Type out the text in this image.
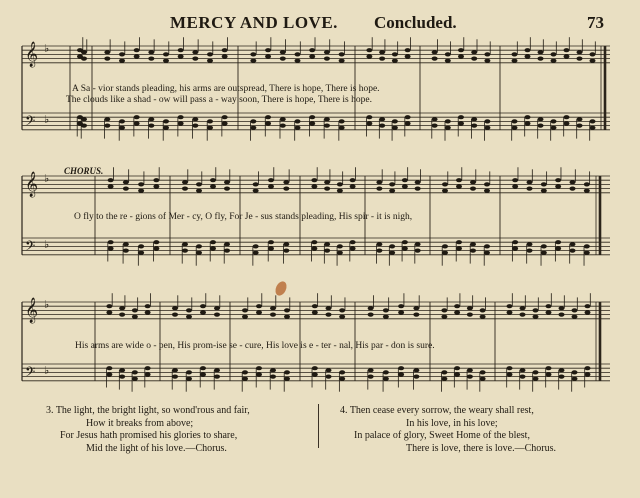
MERCY AND LOVE. Concluded.	73
𝄞 ♭
𝄢 ♭
𝄞 ♭
𝄢 ♭
𝄞 ♭
𝄢 ♭
A Sa - vior stands pleading, his arms are outspread, There is hope, There is hope.
The clouds like a shad - ow will pass a - way soon, There is hope, There is hope.
CHORUS.
O fly to the re - gions of Mer - cy, O fly, For Je - sus stands pleading, His spir - it is nigh,
His arms are wide o - pen, His prom-ise se - cure, His love is e - ter - nal, His par - don is sure.
3. The light, the bright light, so wond'rous and fair,
How it breaks from above;
For Jesus hath promised his glories to share,
Mid the light of his love.—Chorus.
4. Then cease every sorrow, the weary shall rest,
In his love, in his love;
In palace of glory, Sweet Home of the blest,
There is love, there is love.—Chorus.
